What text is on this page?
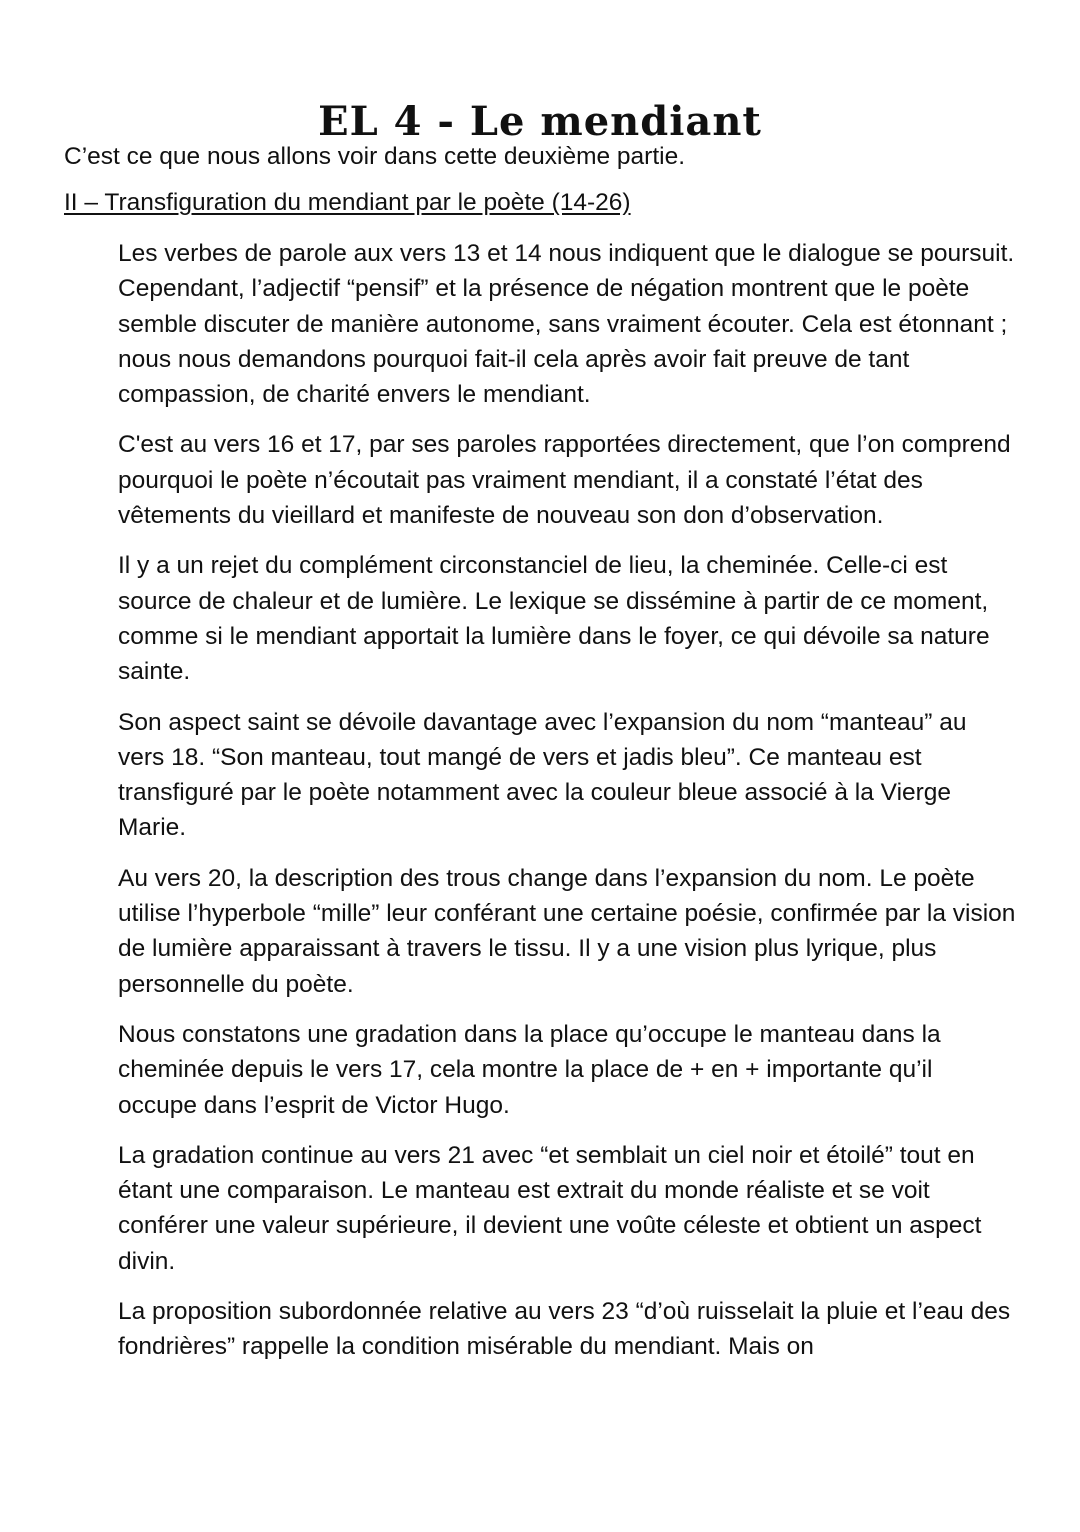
EL 4 - Le mendiant
C’est ce que nous allons voir dans cette deuxième partie.
II – Transfiguration du mendiant par le poète (14-26)

Les verbes de parole aux vers 13 et 14 nous indiquent que le dialogue se poursuit. Cependant, l’adjectif “pensif” et la présence de négation montrent que le poète semble discuter de manière autonome, sans vraiment écouter. Cela est étonnant ; nous nous demandons pourquoi fait-il cela après avoir fait preuve de tant compassion, de charité envers le mendiant.

C'est au vers 16 et 17, par ses paroles rapportées directement, que l’on comprend pourquoi le poète n’écoutait pas vraiment mendiant, il a constaté l’état des vêtements du vieillard et manifeste de nouveau son don d’observation.

Il y a un rejet du complément circonstanciel de lieu, la cheminée. Celle-ci est source de chaleur et de lumière. Le lexique se dissémine à partir de ce moment, comme si le mendiant apportait la lumière dans le foyer, ce qui dévoile sa nature sainte.

Son aspect saint se dévoile davantage avec l’expansion du nom “manteau” au vers 18. “Son manteau, tout mangé de vers et jadis bleu”. Ce manteau est transfiguré par le poète notamment avec la couleur bleue associé à la Vierge Marie.

Au vers 20, la description des trous change dans l’expansion du nom. Le poète utilise l’hyperbole “mille” leur conférant une certaine poésie, confirmée par la vision de lumière apparaissant à travers le tissu. Il y a une vision plus lyrique, plus personnelle du poète.

Nous constatons une gradation dans la place qu’occupe le manteau dans la cheminée depuis le vers 17, cela montre la place de + en + importante qu’il occupe dans l’esprit de Victor Hugo.

La gradation continue au vers 21 avec “et semblait un ciel noir et étoilé” tout en étant une comparaison. Le manteau est extrait du monde réaliste et se voit conférer une valeur supérieure, il devient une voûte céleste et obtient un aspect divin.

La proposition subordonnée relative au vers 23 “d’où ruisselait la pluie et l’eau des fondrières” rappelle la condition misérable du mendiant. Mais on
